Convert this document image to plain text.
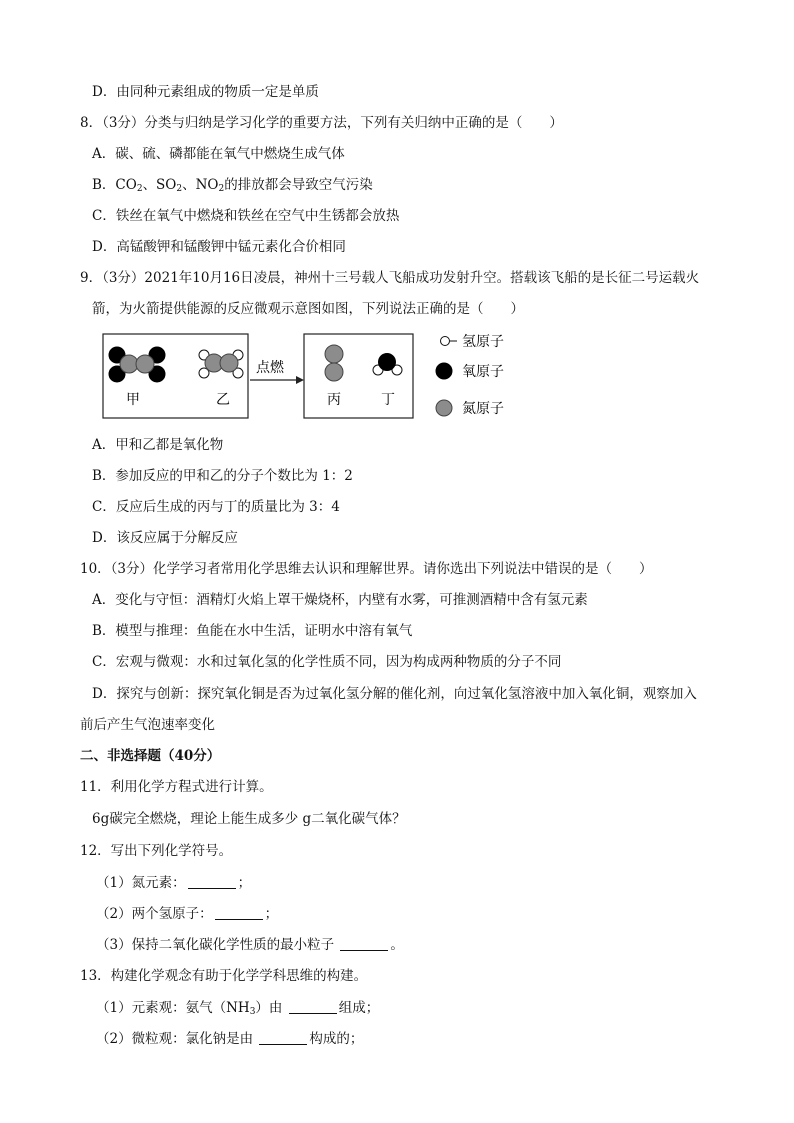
D．由同种元素组成的物质一定是单质
8．（3分）分类与归纳是学习化学的重要方法，下列有关归纳中正确的是（　　）
A．碳、硫、磷都能在氧气中燃烧生成气体
B．$CO_2$、$SO_2$、$NO_2$的排放都会导致空气污染
C．铁丝在氧气中燃烧和铁丝在空气中生锈都会放热
D．高锰酸钾和锰酸钾中锰元素化合价相同
9．（3分）2021年10月16日凌晨，神州十三号载人飞船成功发射升空。搭载该飞船的是长征二号运载火
箭，为火箭提供能源的反应微观示意图如图，下列说法正确的是（　　）
甲	乙
点燃
丙	丁
氢原子
氧原子
氮原子
A．甲和乙都是氧化物
B．参加反应的甲和乙的分子个数比为 1：2
C．反应后生成的丙与丁的质量比为 3：4
D．该反应属于分解反应
10．（3分）化学学习者常用化学思维去认识和理解世界。请你选出下列说法中错误的是（　　）
A．变化与守恒：酒精灯火焰上罩干燥烧杯，内壁有水雾，可推测酒精中含有氢元素
B．模型与推理：鱼能在水中生活，证明水中溶有氧气
C．宏观与微观：水和过氧化氢的化学性质不同，因为构成两种物质的分子不同
D．探究与创新：探究氧化铜是否为过氧化氢分解的催化剂，向过氧化氢溶液中加入氧化铜，观察加入
前后产生气泡速率变化
二、非选择题（40分）
11．利用化学方程式进行计算。
6g碳完全燃烧，理论上能生成多少 g二氧化碳气体？
12．写出下列化学符号。
（1）氮元素：	；
（2）两个氢原子：	；
（3）保持二氧化碳化学性质的最小粒子	。
13．构建化学观念有助于化学学科思维的构建。
（1）元素观：氨气$(NH_3)$由	组成；
（2）微粒观：氯化钠是由	构成的；
